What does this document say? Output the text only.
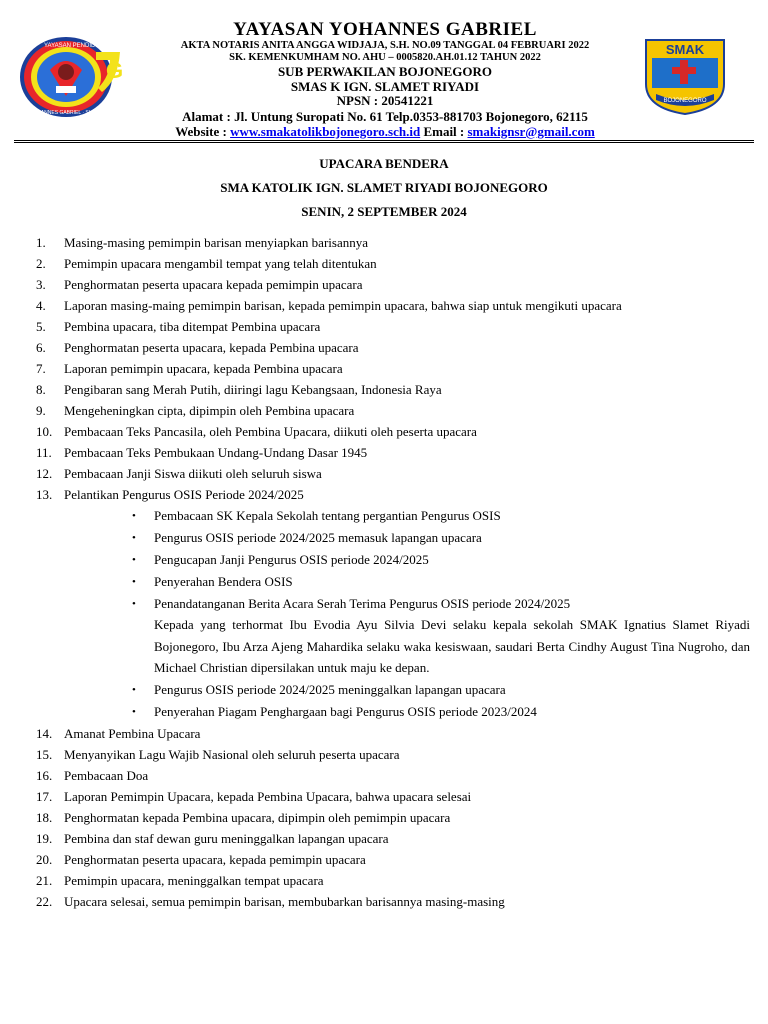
G
YAYASAN PENDIDIKAN
YOHANNES GABRIEL · SURABAYA
YAYASAN YOHANNES GABRIEL
AKTA NOTARIS ANITA ANGGA WIDJAJA, S.H. NO.09 TANGGAL 04 FEBRUARI 2022
SK. KEMENKUMHAM NO. AHU – 0005820.AH.01.12 TAHUN 2022
SUB PERWAKILAN BOJONEGORO
SMAS K IGN. SLAMET RIYADI
NPSN : 20541221
Alamat : Jl. Untung Suropati No. 61 Telp.0353-881703 Bojonegoro, 62115
Website : www.smakatolikbojonegoro.sch.id Email : smakignsr@gmail.com
SMAK
BOJONEGORO
UPACARA BENDERA
SMA KATOLIK IGN. SLAMET RIYADI BOJONEGORO
SENIN, 2 SEPTEMBER 2024
1.	Masing-masing pemimpin barisan menyiapkan barisannya
2.	Pemimpin upacara mengambil tempat yang telah ditentukan
3.	Penghormatan peserta upacara kepada pemimpin upacara
4.	Laporan masing-maing pemimpin barisan, kepada pemimpin upacara, bahwa siap untuk mengikuti upacara
5.	Pembina upacara, tiba ditempat Pembina upacara
6.	Penghormatan peserta upacara, kepada Pembina upacara
7.	Laporan pemimpin upacara, kepada Pembina upacara
8.	Pengibaran sang Merah Putih, diiringi lagu Kebangsaan, Indonesia Raya
9.	Mengeheningkan cipta, dipimpin oleh Pembina upacara
10. Pembacaan Teks Pancasila, oleh Pembina Upacara, diikuti oleh peserta upacara
11. Pembacaan Teks Pembukaan Undang-Undang Dasar 1945
12. Pembacaan Janji Siswa diikuti oleh seluruh siswa
13. Pelantikan Pengurus OSIS Periode 2024/2025
• Pembacaan SK Kepala Sekolah tentang pergantian Pengurus OSIS
• Pengurus OSIS periode 2024/2025 memasuk lapangan upacara
• Pengucapan Janji Pengurus OSIS periode 2024/2025
• Penyerahan Bendera OSIS
• Penandatanganan Berita Acara Serah Terima Pengurus OSIS periode 2024/2025
Kepada yang terhormat Ibu Evodia Ayu Silvia Devi selaku kepala sekolah SMAK Ignatius Slamet Riyadi Bojonegoro, Ibu Arza Ajeng Mahardika selaku waka kesiswaan, saudari Berta Cindhy August Tina Nugroho, dan Michael Christian dipersilakan untuk maju ke depan.
• Pengurus OSIS periode 2024/2025 meninggalkan lapangan upacara
• Penyerahan Piagam Penghargaan bagi Pengurus OSIS periode 2023/2024
14. Amanat Pembina Upacara
15. Menyanyikan Lagu Wajib Nasional oleh seluruh peserta upacara
16. Pembacaan Doa
17. Laporan Pemimpin Upacara, kepada Pembina Upacara, bahwa upacara selesai
18. Penghormatan kepada Pembina upacara, dipimpin oleh pemimpin upacara
19. Pembina dan staf dewan guru meninggalkan lapangan upacara
20. Penghormatan peserta upacara, kepada pemimpin upacara
21. Pemimpin upacara, meninggalkan tempat upacara
22. Upacara selesai, semua pemimpin barisan, membubarkan barisannya masing-masing
